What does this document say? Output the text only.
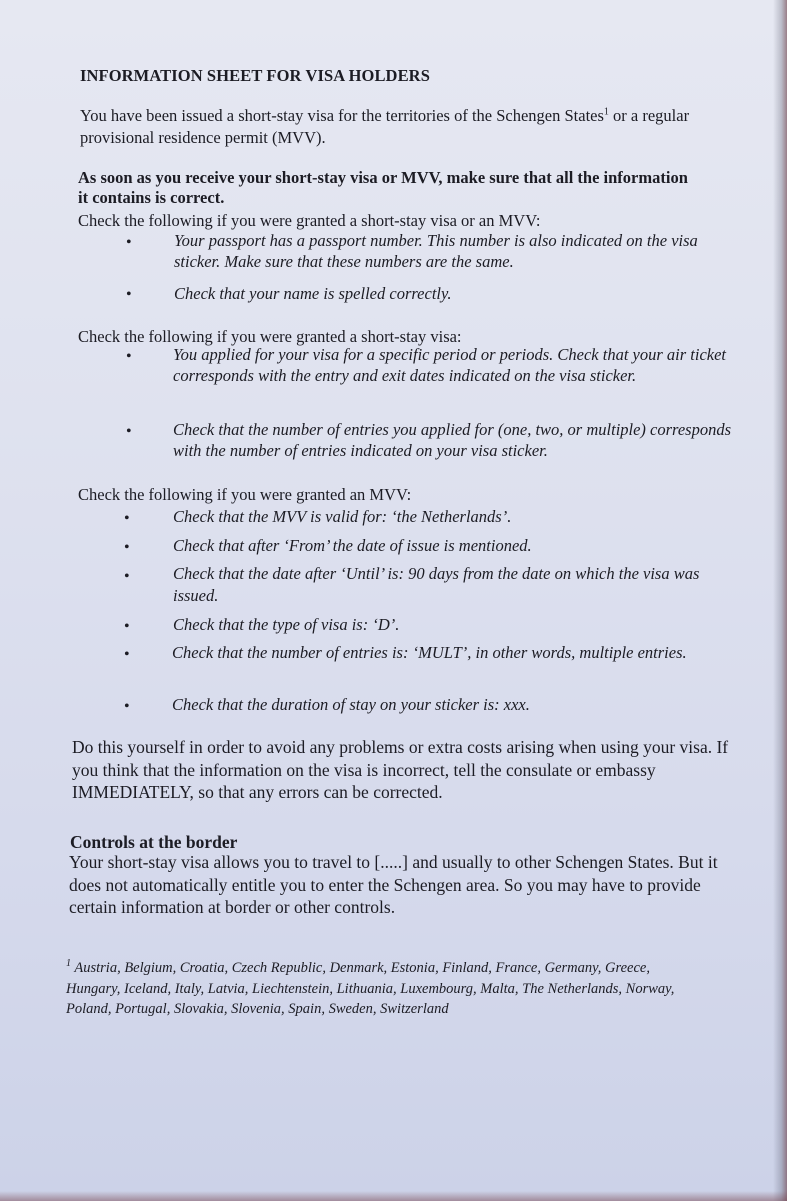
INFORMATION SHEET FOR VISA HOLDERS

You have been issued a short-stay visa for the territories of the Schengen States$^1$ or a regular provisional residence permit (MVV).

As soon as you receive your short-stay visa or MVV, make sure that all the information it contains is correct.

Check the following if you were granted a short-stay visa or an MVV:

•	Your passport has a passport number. This number is also indicated on the visa sticker. Make sure that these numbers are the same.

•	Check that your name is spelled correctly.

Check the following if you were granted a short-stay visa:

•	You applied for your visa for a specific period or periods. Check that your air ticket corresponds with the entry and exit dates indicated on the visa sticker.

•	Check that the number of entries you applied for (one, two, or multiple) corresponds with the number of entries indicated on your visa sticker.

Check the following if you were granted an MVV:

•	Check that the MVV is valid for: ‘the Netherlands’.

•	Check that after ‘From’ the date of issue is mentioned.

•	Check that the date after ‘Until’ is: 90 days from the date on which the visa was issued.

•	Check that the type of visa is: ‘D’.

•	Check that the number of entries is: ‘MULT’, in other words, multiple entries.

•	Check that the duration of stay on your sticker is: xxx.

Do this yourself in order to avoid any problems or extra costs arising when using your visa. If you think that the information on the visa is incorrect, tell the consulate or embassy IMMEDIATELY, so that any errors can be corrected.

Controls at the border

Your short-stay visa allows you to travel to [.....] and usually to other Schengen States. But it does not automatically entitle you to enter the Schengen area. So you may have to provide certain information at border or other controls.

$^1$ Austria, Belgium, Croatia, Czech Republic, Denmark, Estonia, Finland, France, Germany, Greece, Hungary, Iceland, Italy, Latvia, Liechtenstein, Lithuania, Luxembourg, Malta, The Netherlands, Norway, Poland, Portugal, Slovakia, Slovenia, Spain, Sweden, Switzerland
